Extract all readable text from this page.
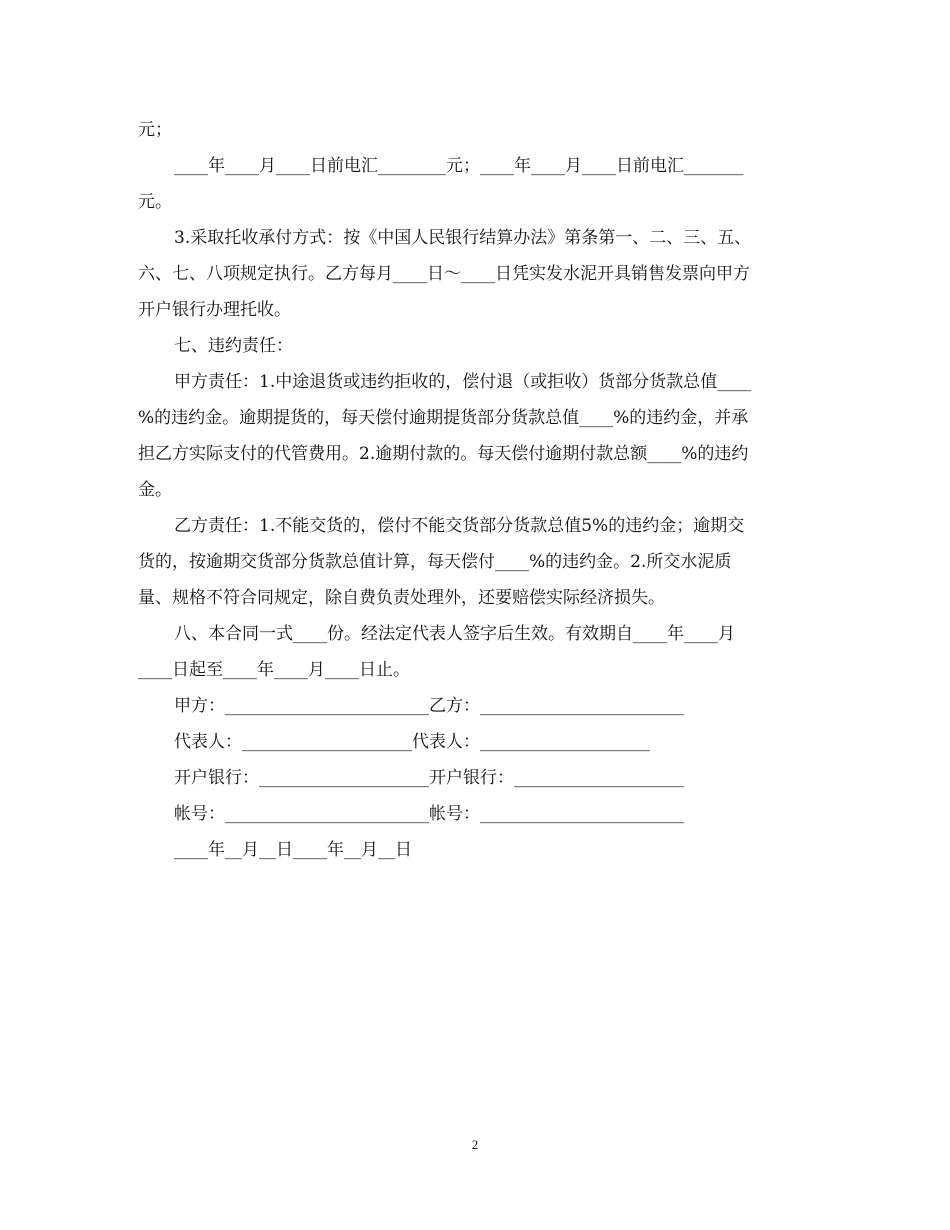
元；

____年____月____日前电汇________元；____年____月____日前电汇_______
元。

3.采取托收承付方式：按《中国人民银行结算办法》第条第一、二、三、五、
六、七、八项规定执行。乙方每月____日～____日凭实发水泥开具销售发票向甲方
开户银行办理托收。

七、违约责任：

甲方责任：1.中途退货或违约拒收的，偿付退（或拒收）货部分货款总值____
%的违约金。逾期提货的，每天偿付逾期提货部分货款总值____%的违约金，并承
担乙方实际支付的代管费用。2.逾期付款的。每天偿付逾期付款总额____%的违约
金。

乙方责任：1.不能交货的，偿付不能交货部分货款总值5%的违约金；逾期交
货的，按逾期交货部分货款总值计算，每天偿付____%的违约金。2.所交水泥质
量、规格不符合同规定，除自费负责处理外，还要赔偿实际经济损失。

八、本合同一式____份。经法定代表人签字后生效。有效期自____年____月
____日起至____年____月____日止。

甲方：________________________乙方：________________________

代表人：____________________代表人：____________________

开户银行：____________________开户银行：____________________

帐号：________________________帐号：________________________

____年__月__日____年__月__日

2
